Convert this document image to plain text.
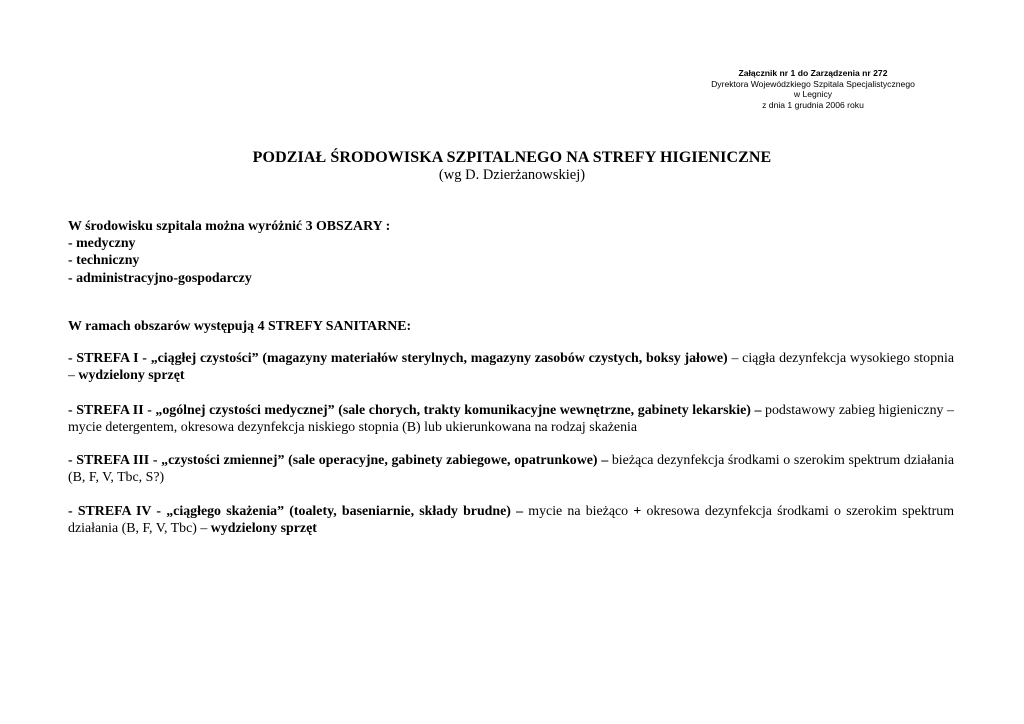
Załącznik nr 1 do Zarządzenia nr 272
Dyrektora Wojewódzkiego Szpitala Specjalistycznego
w Legnicy
z dnia 1 grudnia 2006 roku
PODZIAŁ ŚRODOWISKA SZPITALNEGO NA STREFY HIGIENICZNE
(wg D. Dzierżanowskiej)
W środowisku szpitala można wyróżnić 3 OBSZARY :
- medyczny
- techniczny
- administracyjno-gospodarczy
W ramach obszarów występują 4 STREFY SANITARNE:
- STREFA I - „ciągłej czystości” (magazyny materiałów sterylnych, magazyny zasobów czystych, boksy jałowe) – ciągła dezynfekcja wysokiego stopnia – wydzielony sprzęt
- STREFA II - „ogólnej czystości medycznej” (sale chorych, trakty komunikacyjne wewnętrzne, gabinety lekarskie) – podstawowy zabieg higieniczny – mycie detergentem, okresowa dezynfekcja niskiego stopnia (B) lub ukierunkowana na rodzaj skażenia
- STREFA III - „czystości zmiennej” (sale operacyjne, gabinety zabiegowe, opatrunkowe) – bieżąca dezynfekcja środkami o szerokim spektrum działania (B, F, V, Tbc, S?)
- STREFA IV - „ciągłego skażenia” (toalety, baseniarnie, składy brudne) – mycie na bieżąco + okresowa dezynfekcja środkami o szerokim spektrum działania (B, F, V, Tbc) – wydzielony sprzęt
